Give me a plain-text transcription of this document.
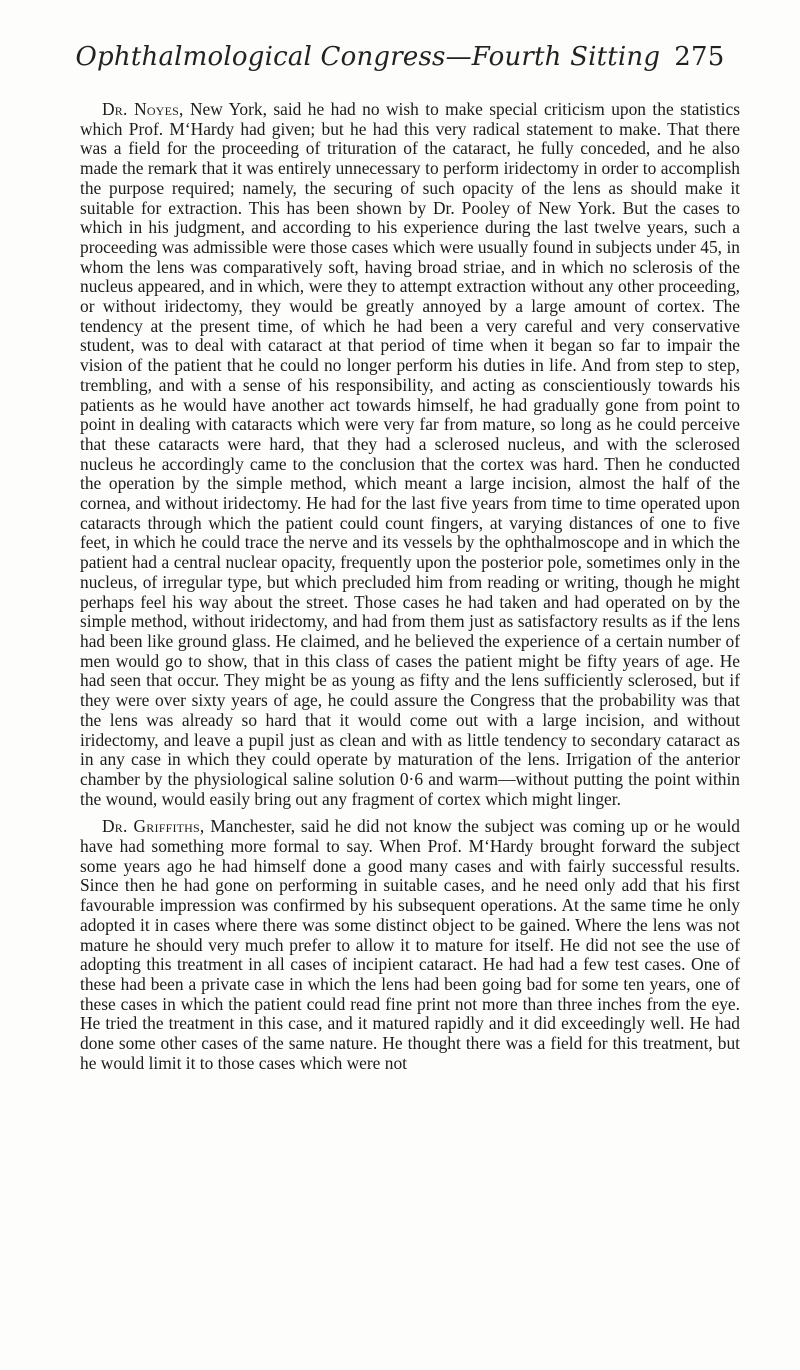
Ophthalmological Congress—Fourth Sitting 275

Dr. Noyes, New York, said he had no wish to make special criticism upon the statistics which Prof. M‘Hardy had given; but he had this very radical statement to make. That there was a field for the proceeding of trituration of the cataract, he fully conceded, and he also made the remark that it was entirely unnecessary to perform iridectomy in order to accomplish the purpose required; namely, the securing of such opacity of the lens as should make it suitable for extraction. This has been shown by Dr. Pooley of New York. But the cases to which in his judgment, and according to his experience during the last twelve years, such a proceeding was admissible were those cases which were usually found in subjects under 45, in whom the lens was comparatively soft, having broad striae, and in which no sclerosis of the nucleus appeared, and in which, were they to attempt extraction without any other proceeding, or without iridectomy, they would be greatly annoyed by a large amount of cortex. The tendency at the present time, of which he had been a very careful and very conservative student, was to deal with cataract at that period of time when it began so far to impair the vision of the patient that he could no longer perform his duties in life. And from step to step, trembling, and with a sense of his responsibility, and acting as conscientiously towards his patients as he would have another act towards himself, he had gradually gone from point to point in dealing with cataracts which were very far from mature, so long as he could perceive that these cataracts were hard, that they had a sclerosed nucleus, and with the sclerosed nucleus he accordingly came to the conclusion that the cortex was hard. Then he conducted the operation by the simple method, which meant a large incision, almost the half of the cornea, and without iridectomy. He had for the last five years from time to time operated upon cataracts through which the patient could count fingers, at varying distances of one to five feet, in which he could trace the nerve and its vessels by the ophthalmoscope and in which the patient had a central nuclear opacity, frequently upon the posterior pole, sometimes only in the nucleus, of irregular type, but which precluded him from reading or writing, though he might perhaps feel his way about the street. Those cases he had taken and had operated on by the simple method, without iridectomy, and had from them just as satisfactory results as if the lens had been like ground glass. He claimed, and he believed the experience of a certain number of men would go to show, that in this class of cases the patient might be fifty years of age. He had seen that occur. They might be as young as fifty and the lens sufficiently sclerosed, but if they were over sixty years of age, he could assure the Congress that the probability was that the lens was already so hard that it would come out with a large incision, and without iridectomy, and leave a pupil just as clean and with as little tendency to secondary cataract as in any case in which they could operate by maturation of the lens. Irrigation of the anterior chamber by the physiological saline solution 0·6 and warm—without putting the point within the wound, would easily bring out any fragment of cortex which might linger.

Dr. Griffiths, Manchester, said he did not know the subject was coming up or he would have had something more formal to say. When Prof. M‘Hardy brought forward the subject some years ago he had himself done a good many cases and with fairly successful results. Since then he had gone on performing in suitable cases, and he need only add that his first favourable impression was confirmed by his subsequent operations. At the same time he only adopted it in cases where there was some distinct object to be gained. Where the lens was not mature he should very much prefer to allow it to mature for itself. He did not see the use of adopting this treatment in all cases of incipient cataract. He had had a few test cases. One of these had been a private case in which the lens had been going bad for some ten years, one of these cases in which the patient could read fine print not more than three inches from the eye. He tried the treatment in this case, and it matured rapidly and it did exceedingly well. He had done some other cases of the same nature. He thought there was a field for this treatment, but he would limit it to those cases which were not
